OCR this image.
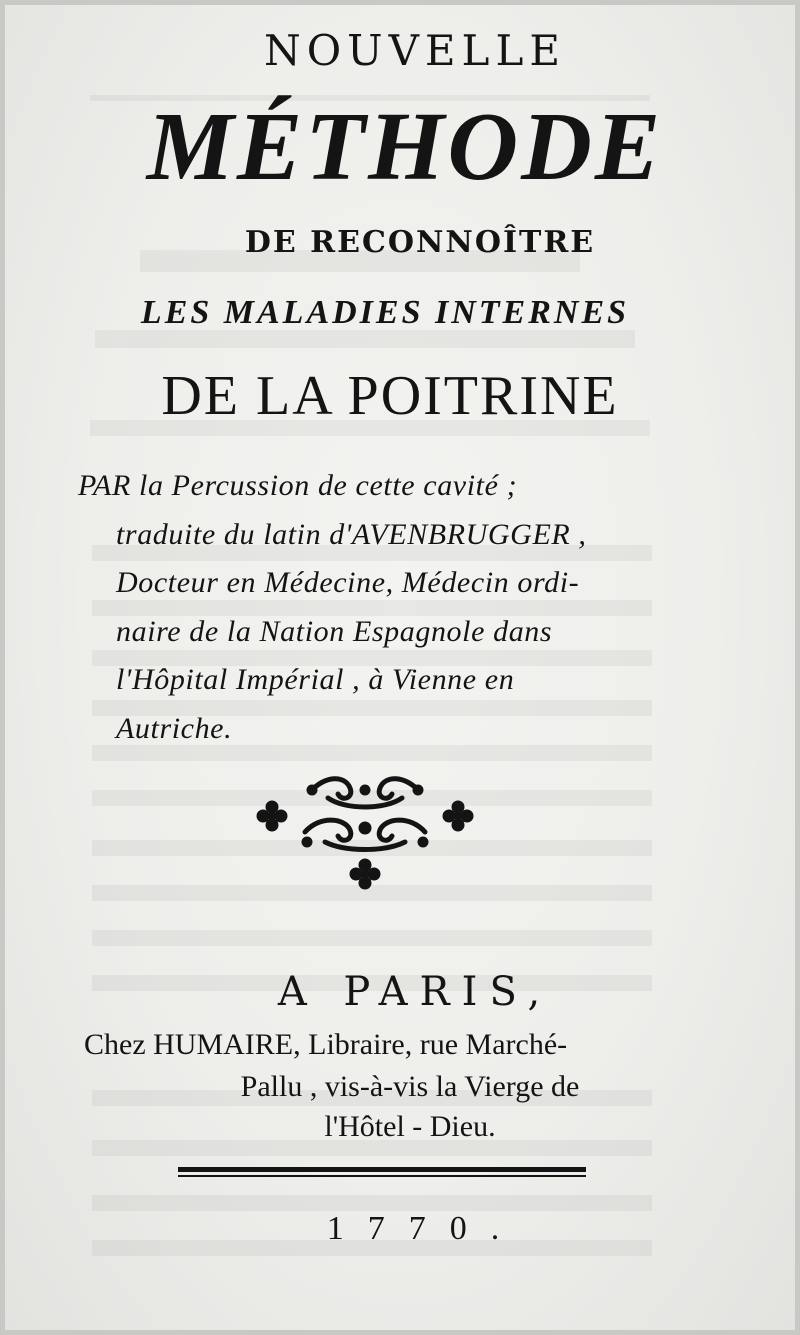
NOUVELLE
MÉTHODE
DE RECONNOÎTRE
LES MALADIES INTERNES
DE LA POITRINE
PAR la Percussion de cette cavité ;
traduite du latin d'AVENBRUGGER ,
Docteur en Médecine, Médecin ordi-
naire de la Nation Espagnole dans
l'Hôpital Impérial , à Vienne en
Autriche.
A PARIS,
Chez HUMAIRE, Libraire, rue Marché-
Pallu , vis-à-vis la Vierge de
l'Hôtel - Dieu.
1770.
